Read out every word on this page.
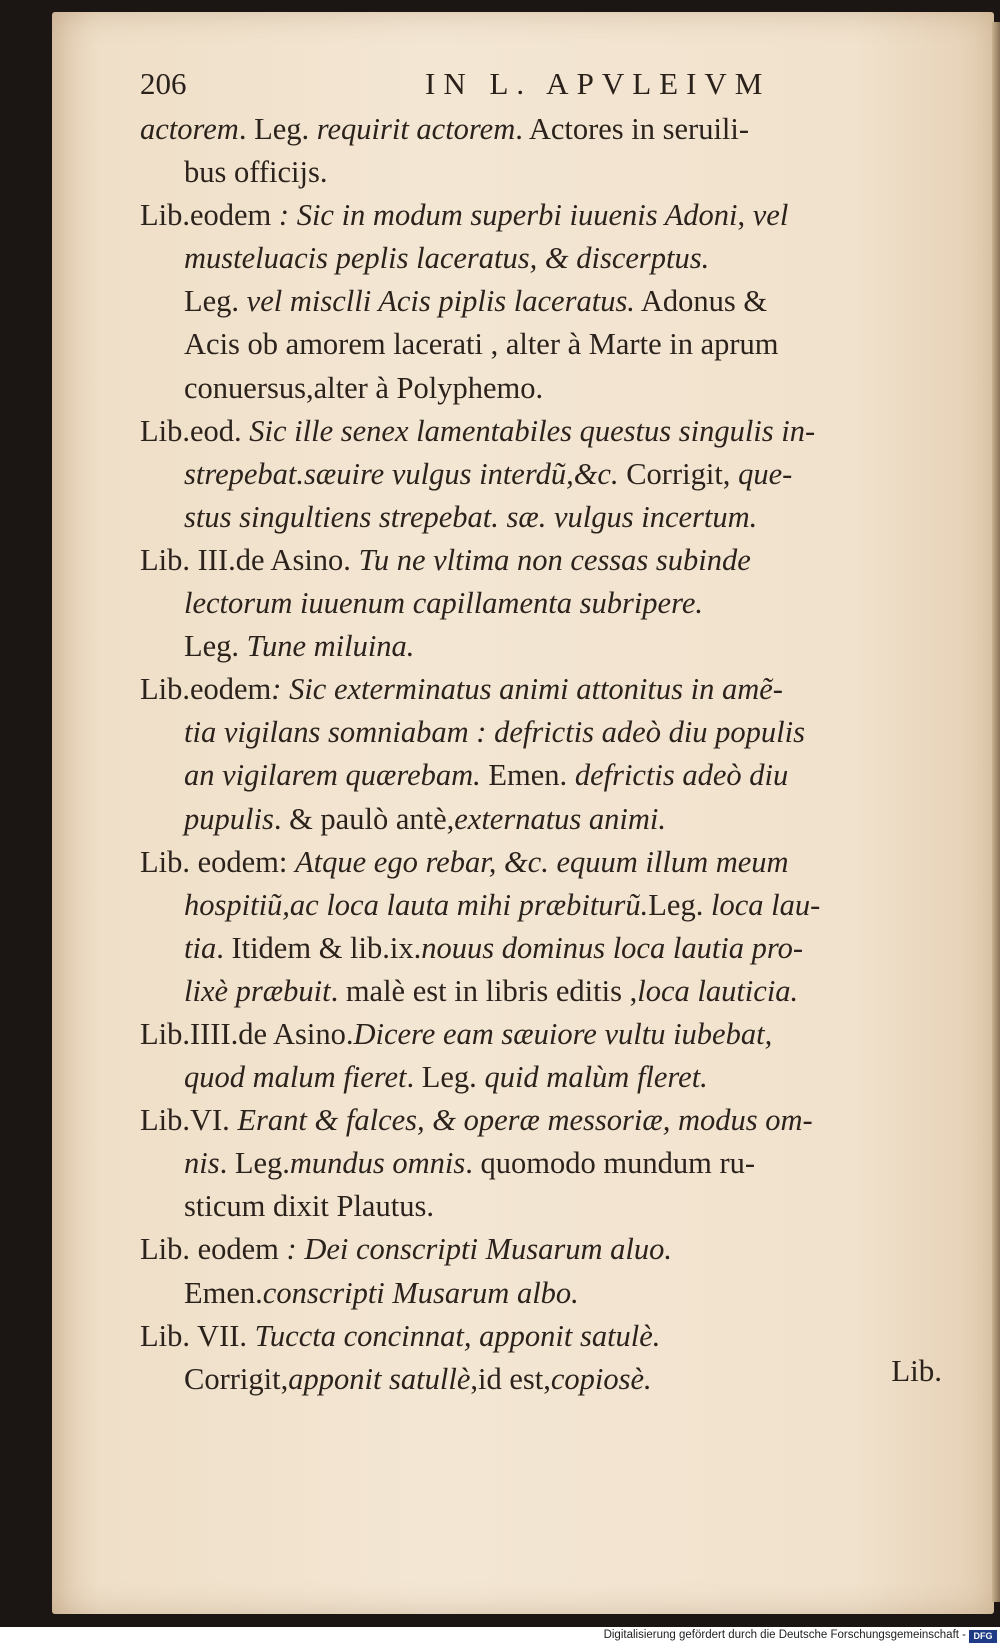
206	IN L. APVLEIVM
actorem. Leg. requirit actorem. Actores in seruili-
bus officijs.
Lib.eodem : Sic in modum superbi iuuenis Adoni, vel
musteluacis peplis laceratus, & discerptus.
Leg. vel misclli Acis piplis laceratus. Adonus &
Acis ob amorem lacerati , alter à Marte in aprum
conuersus,alter à Polyphemo.
Lib.eod. Sic ille senex lamentabiles questus singulis in-
strepebat.sæuire vulgus interdũ,&c. Corrigit, que-
stus singultiens strepebat. sæ. vulgus incertum.
Lib. III.de Asino. Tu ne vltima non cessas subinde
lectorum iuuenum capillamenta subripere.
Leg. Tune miluina.
Lib.eodem: Sic exterminatus animi attonitus in amẽ-
tia vigilans somniabam : defrictis adeò diu populis
an vigilarem quærebam. Emen. defrictis adeò diu
pupulis. & paulò antè,externatus animi.
Lib. eodem: Atque ego rebar, &c. equum illum meum
hospitiũ,ac loca lauta mihi præbiturũ.Leg. loca lau-
tia. Itidem & lib.ix.nouus dominus loca lautia pro-
lixè præbuit. malè est in libris editis ,loca lauticia.
Lib.IIII.de Asino.Dicere eam sæuiore vultu iubebat,
quod malum fieret. Leg. quid malùm fleret.
Lib.VI. Erant & falces, & operæ messoriæ, modus om-
nis. Leg.mundus omnis. quomodo mundum ru-
sticum dixit Plautus.
Lib. eodem : Dei conscripti Musarum aluo.
Emen.conscripti Musarum albo.
Lib. VII. Tuccta concinnat, apponit satulè.
Corrigit,apponit satullè,id est,copiosè.	Lib.
Digitalisierung gefördert durch die Deutsche Forschungsgemeinschaft - DFG
